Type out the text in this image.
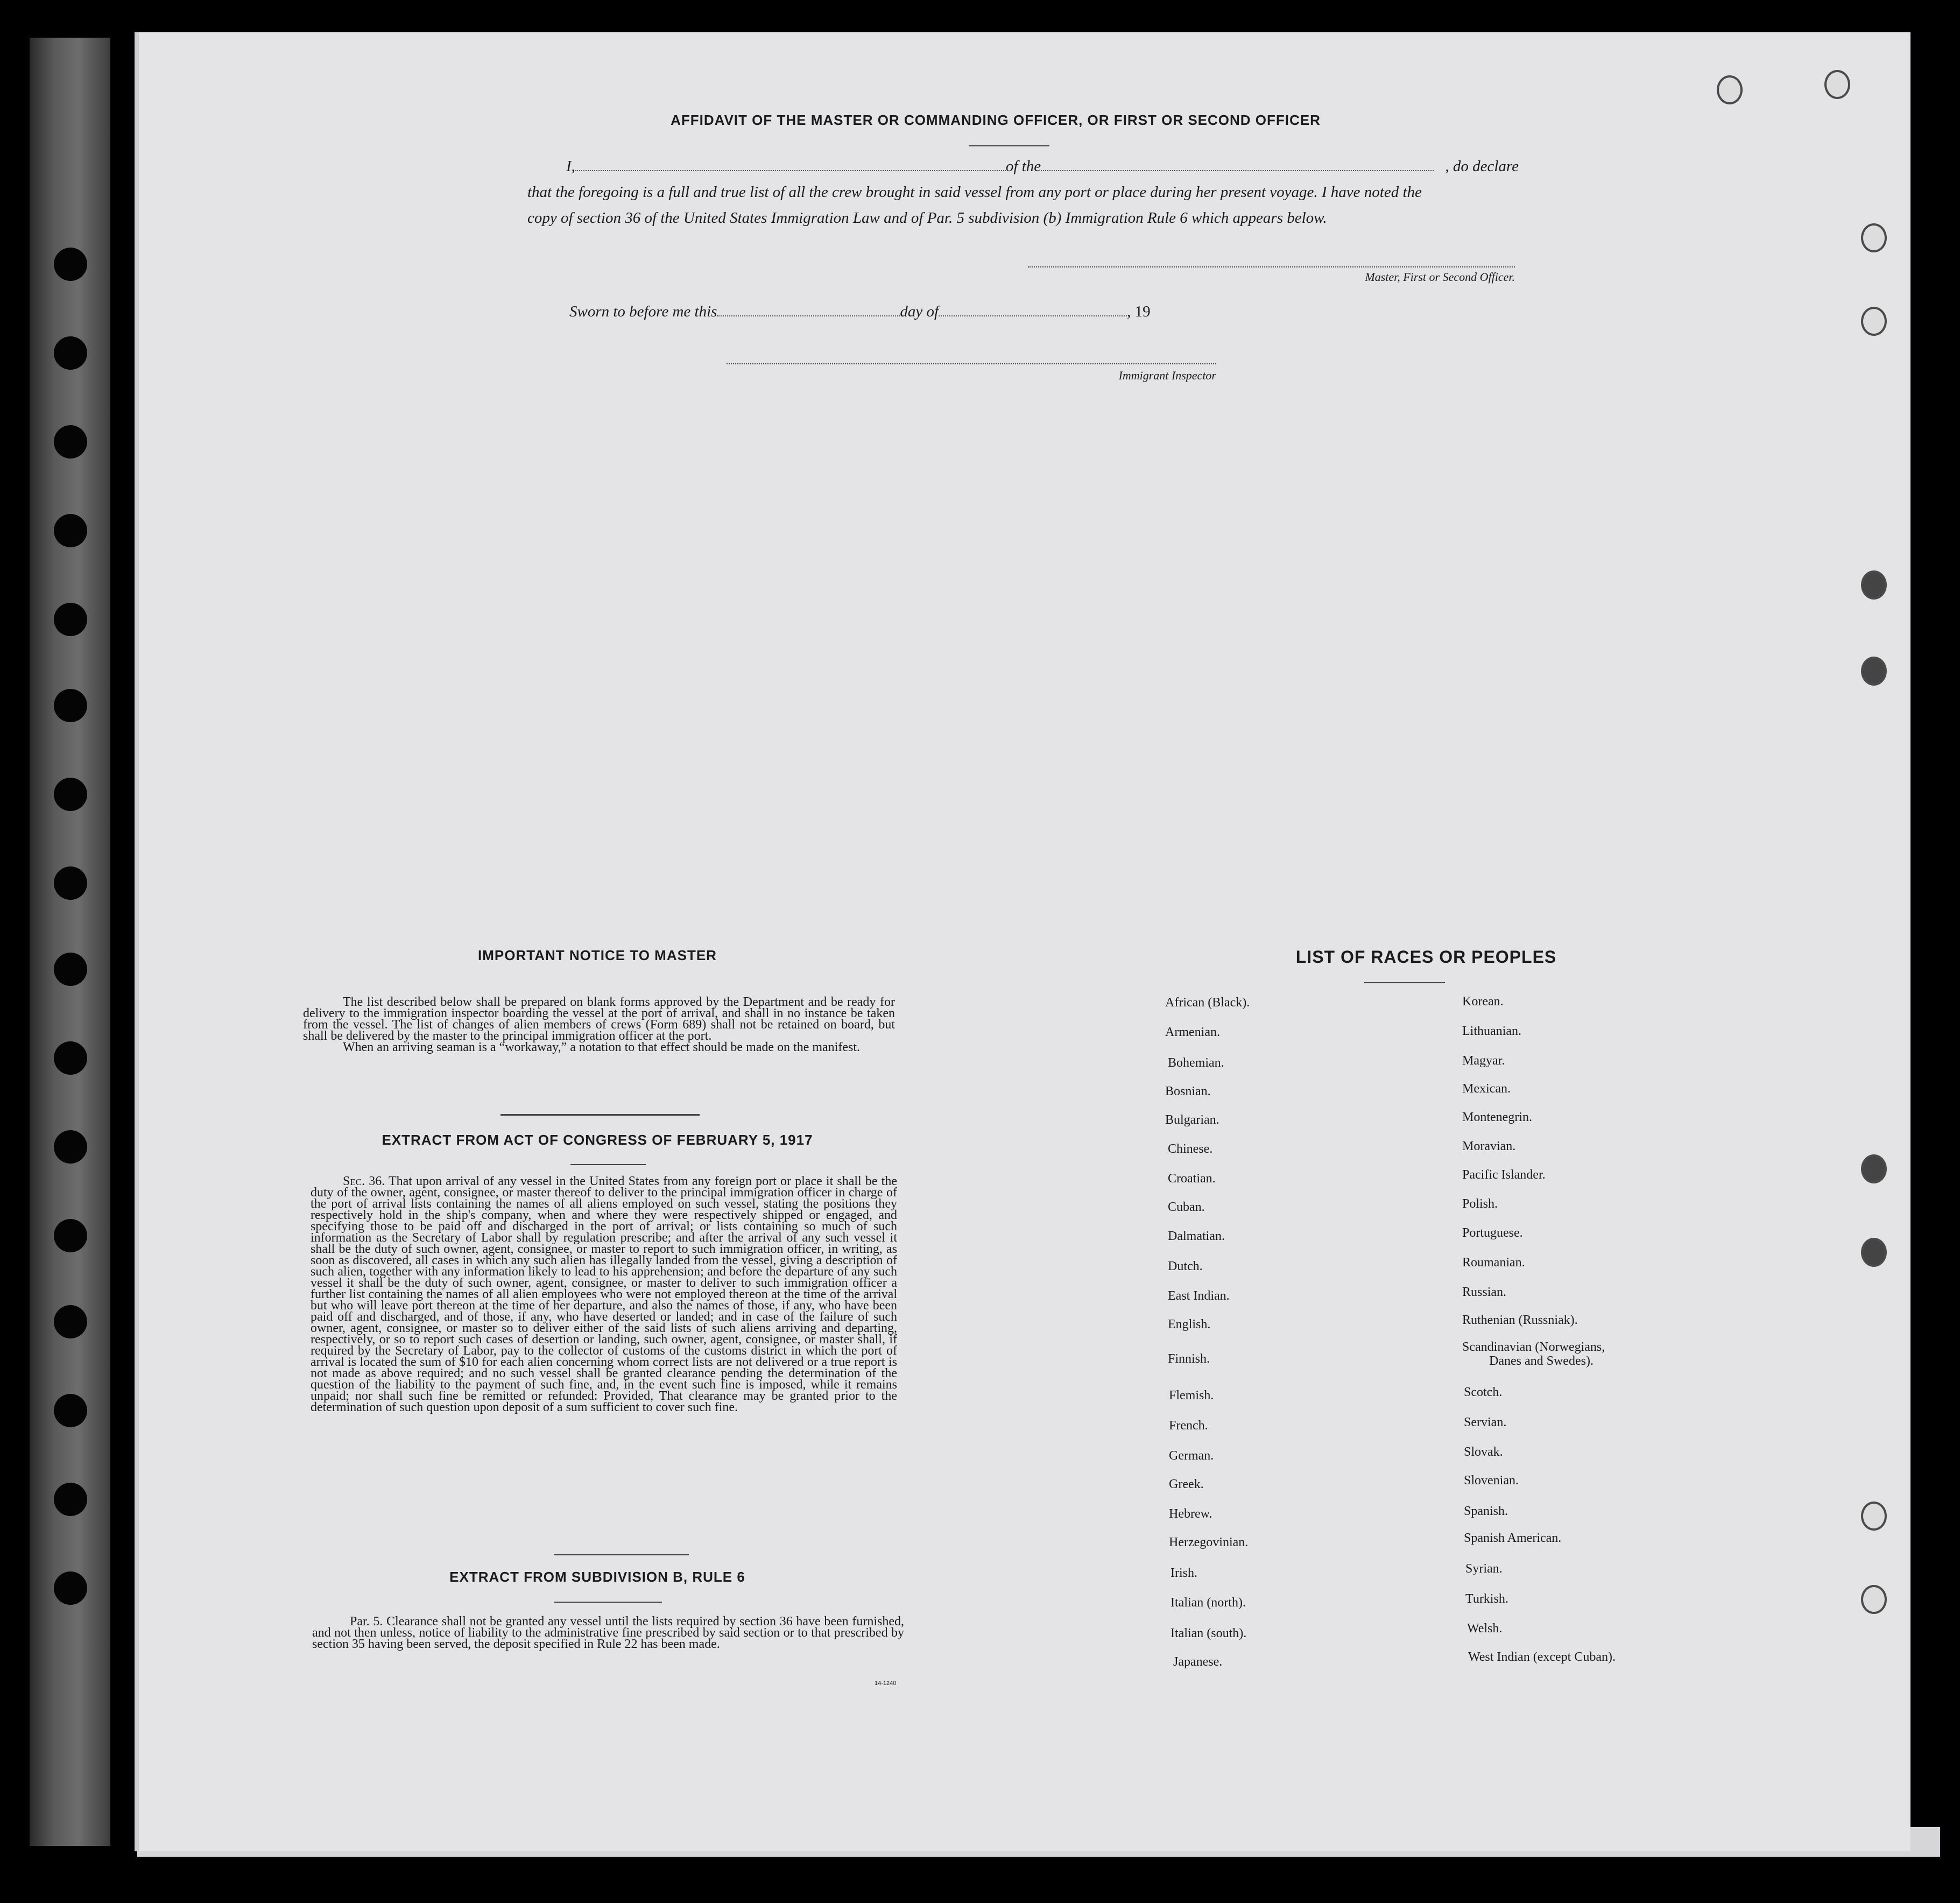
AFFIDAVIT OF THE MASTER OR COMMANDING OFFICER, OR FIRST OR SECOND OFFICER
I,	of the	, do declare
that the foregoing is a full and true list of all the crew brought in said vessel from any port or place during her present voyage. I have noted the
copy of section 36 of the United States Immigration Law and of Par. 5 subdivision (b) Immigration Rule 6 which appears below.
Master, First or Second Officer.
Sworn to before me this	day of	, 19
Immigrant Inspector
IMPORTANT NOTICE TO MASTER
The list described below shall be prepared on blank forms approved by the Department and be ready for delivery to the immigration inspector boarding the vessel at the port of arrival, and shall in no instance be taken from the vessel. The list of changes of alien members of crews (Form 689) shall not be retained on board, but shall be delivered by the master to the principal immigration officer at the port.
When an arriving seaman is a “workaway,” a notation to that effect should be made on the manifest.
EXTRACT FROM ACT OF CONGRESS OF FEBRUARY 5, 1917
Sec. 36. That upon arrival of any vessel in the United States from any foreign port or place it shall be the duty of the owner, agent, consignee, or master thereof to deliver to the principal immigration officer in charge of the port of arrival lists containing the names of all aliens employed on such vessel, stating the positions they respectively hold in the ship's company, when and where they were respectively shipped or engaged, and specifying those to be paid off and discharged in the port of arrival; or lists containing so much of such information as the Secretary of Labor shall by regulation prescribe; and after the arrival of any such vessel it shall be the duty of such owner, agent, consignee, or master to report to such immigration officer, in writing, as soon as discovered, all cases in which any such alien has illegally landed from the vessel, giving a description of such alien, together with any information likely to lead to his apprehension; and before the departure of any such vessel it shall be the duty of such owner, agent, consignee, or master to deliver to such immigration officer a further list containing the names of all alien employees who were not employed thereon at the time of the arrival but who will leave port thereon at the time of her departure, and also the names of those, if any, who have been paid off and discharged, and of those, if any, who have deserted or landed; and in case of the failure of such owner, agent, consignee, or master so to deliver either of the said lists of such aliens arriving and departing, respectively, or so to report such cases of desertion or landing, such owner, agent, consignee, or master shall, if required by the Secretary of Labor, pay to the collector of customs of the customs district in which the port of arrival is located the sum of $10 for each alien concerning whom correct lists are not delivered or a true report is not made as above required; and no such vessel shall be granted clearance pending the determination of the question of the liability to the payment of such fine, and, in the event such fine is imposed, while it remains unpaid; nor shall such fine be remitted or refunded: Provided, That clearance may be granted prior to the determination of such question upon deposit of a sum sufficient to cover such fine.
EXTRACT FROM SUBDIVISION B, RULE 6
Par. 5. Clearance shall not be granted any vessel until the lists required by section 36 have been furnished, and not then unless, notice of liability to the administrative fine prescribed by said section or to that prescribed by section 35 having been served, the deposit specified in Rule 22 has been made.
14-1240
LIST OF RACES OR PEOPLES
African (Black).
Armenian.
Bohemian.
Bosnian.
Bulgarian.
Chinese.
Croatian.
Cuban.
Dalmatian.
Dutch.
East Indian.
English.
Finnish.
Flemish.
French.
German.
Greek.
Hebrew.
Herzegovinian.
Irish.
Italian (north).
Italian (south).
Japanese.
Korean.
Lithuanian.
Magyar.
Mexican.
Montenegrin.
Moravian.
Pacific Islander.
Polish.
Portuguese.
Roumanian.
Russian.
Ruthenian (Russniak).
Scandinavian (Norwegians,
Danes and Swedes).
Scotch.
Servian.
Slovak.
Slovenian.
Spanish.
Spanish American.
Syrian.
Turkish.
Welsh.
West Indian (except Cuban).
